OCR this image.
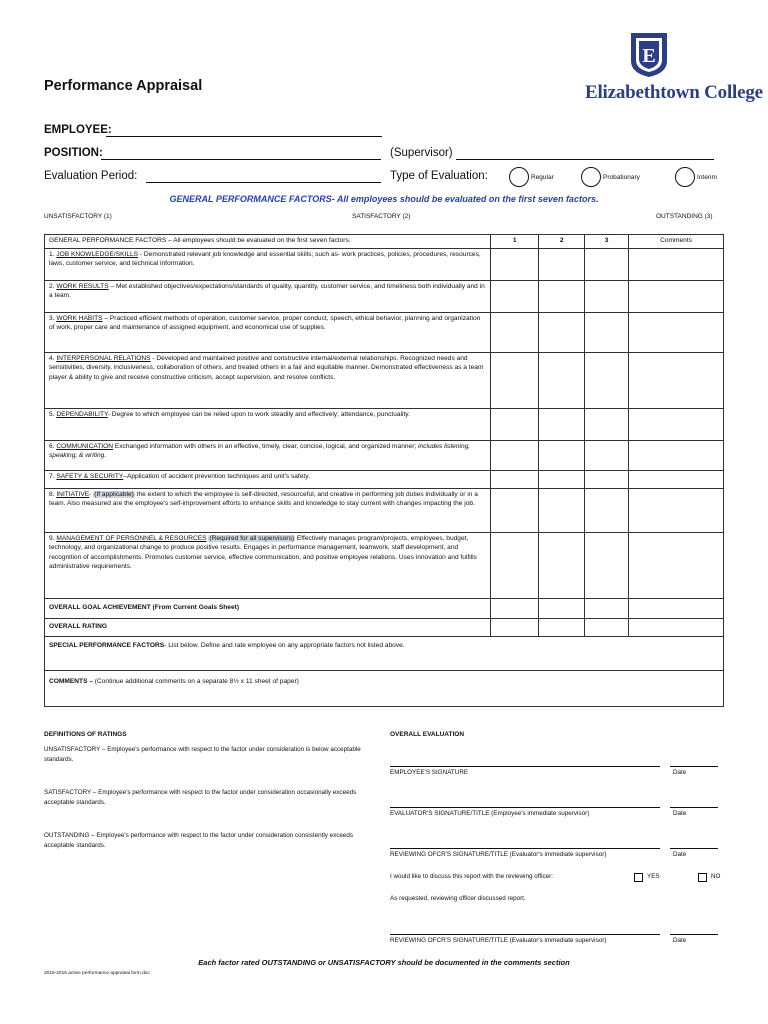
Performance Appraisal
E
Elizabethtown College
EMPLOYEE:
POSITION:	(Supervisor)
Evaluation Period:	Type of Evaluation:	Regular	Probationary	Interim
GENERAL PERFORMANCE FACTORS- All employees should be evaluated on the first seven factors.
UNSATISFACTORY (1)	SATISFACTORY (2)	OUTSTANDING (3)
GENERAL PERFORMANCE FACTORS – All employees should be evaluated on the first seven factors.	1	2	3	Comments
1. JOB KNOWLEDGE/SKILLS - Demonstrated relevant job knowledge and essential skills; such as- work practices, policies, procedures, resources, laws, customer service, and technical information.				
2. WORK RESULTS – Met established objectives/expectations/standards of quality, quantity, customer service, and timeliness both individually and in a team.				
3. WORK HABITS – Practiced efficient methods of operation, customer service, proper conduct, speech, ethical behavior, planning and organization of work, proper care and maintenance of assigned equipment, and economical use of supplies.				
4. INTERPERSONAL RELATIONS - Developed and maintained positive and constructive internal/external relationships. Recognized needs and sensitivities, diversity, inclusiveness, collaboration of others, and treated others in a fair and equitable manner. Demonstrated effectiveness as a team player & ability to give and receive constructive criticism, accept supervision, and resolve conflicts.				
5. DEPENDABILITY- Degree to which employee can be relied upon to work steadily and effectively; attendance, punctuality.				
6. COMMUNICATION Exchanged information with others in an effective, timely, clear, concise, logical, and organized manner; includes listening, speaking, & writing.				
7. SAFETY & SECURITY–Application of accident prevention techniques and unit's safety.				
8. INITIATIVE- (If applicable) the extent to which the employee is self-directed, resourceful, and creative in performing job duties individually or in a team. Also measured are the employee's self-improvement efforts to enhance skills and knowledge to stay current with changes impacting the job.				
9. MANAGEMENT OF PERSONNEL & RESOURCES (Required for all supervisors) Effectively manages program/projects, employees, budget, technology, and organizational change to produce positive results. Engages in performance management, teamwork, staff development, and recognition of accomplishments. Promotes customer service, effective communication, and positive employee relations. Uses innovation and fulfills administrative requirements.				
OVERALL GOAL ACHIEVEMENT (From Current Goals Sheet)				
OVERALL RATING				
SPECIAL PERFORMANCE FACTORS- List below. Define and rate employee on any appropriate factors not listed above.				
COMMENTS – (Continue additional comments on a separate 8½ x 11 sheet of paper)				
DEFINITIONS OF RATINGS
UNSATISFACTORY – Employee's performance with respect to the factor under consideration is below acceptable standards.
SATISFACTORY – Employee's performance with respect to the factor under consideration occasionally exceeds acceptable standards.
OUTSTANDING – Employee's performance with respect to the factor under consideration consistently exceeds acceptable standards.
OVERALL EVALUATION
EMPLOYEE'S SIGNATURE	Date
EVALUATOR'S SIGNATURE/TITLE (Employee's immediate supervisor)	Date
REVIEWING OFCR'S SIGNATURE/TITLE (Evaluator's immediate supervisor)	Date
I would like to discuss this report with the reviewing officer:	YES	NO
As requested, reviewing officer discussed report.
REVIEWING OFCR'S SIGNATURE/TITLE (Evaluator's immediate supervisor)	Date
Each factor rated OUTSTANDING or UNSATISFACTORY should be documented in the comments section
2015-2016 active performance appraisal form.doc
